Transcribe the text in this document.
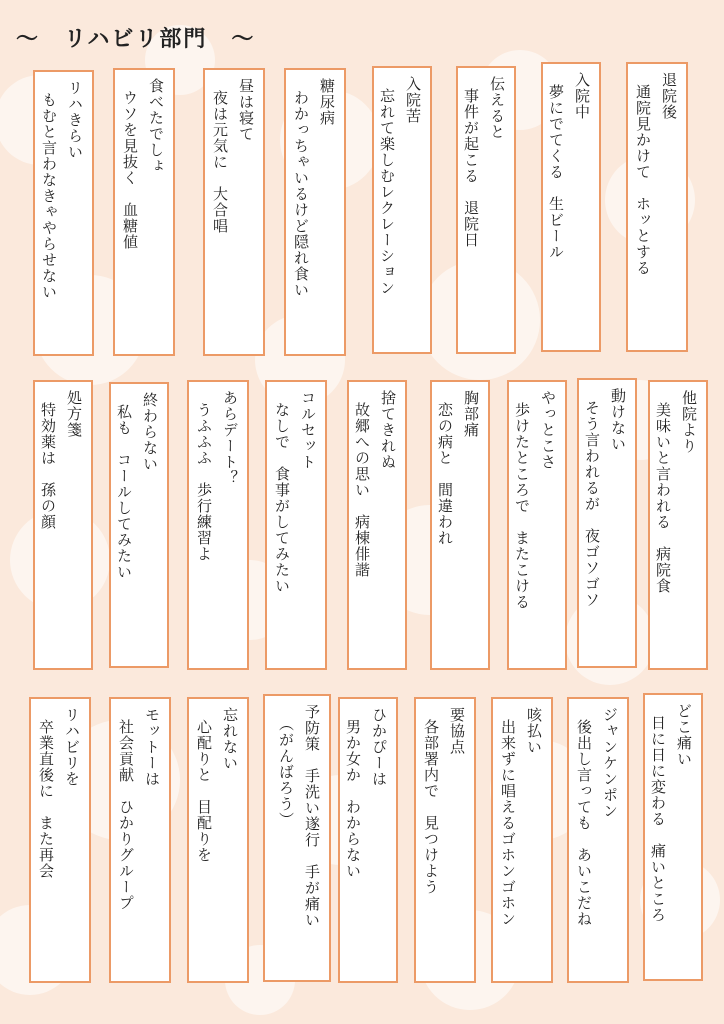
～　リハビリ部門　～
リハきらい
もむと言わなきゃやらせない	食べたでしょ
ウソを見抜く　血糖値	昼は寝て
夜は元気に　大合唱	糖尿病
わかっちゃいるけど隠れ食い	入院苦
忘れて楽しむレクレーション	伝えると
事件が起こる　退院日	入院中
夢にでてくる　生ビール	退院後
通院見かけて　ホッとする
処方箋
特効薬は　孫の顔	終わらない
私も　コールしてみたい	あらデート？
うふふふ　歩行練習よ	コルセット
なしで　食事がしてみたい	捨てきれぬ
故郷への思い　病棟俳諧	胸部痛
恋の病と　間違われ	やっとこさ
歩けたところで　またこける	動けない
そう言われるが　夜ゴソゴソ	他院より
美味いと言われる　病院食
リハビリを
卒業直後に　また再会	モットーは
社会貢献　ひかりグループ	忘れない
心配りと　目配りを	予防策　手洗い遂行　手が痛い
（がんばろう）	ひかぴーは
男か女か　わからない	要協点
各部署内で　見つけよう	咳払い
出来ずに唱えるゴホンゴホン	ジャンケンポン
後出し言っても　あいこだね	どこ痛い
日に日に変わる　痛いところ
